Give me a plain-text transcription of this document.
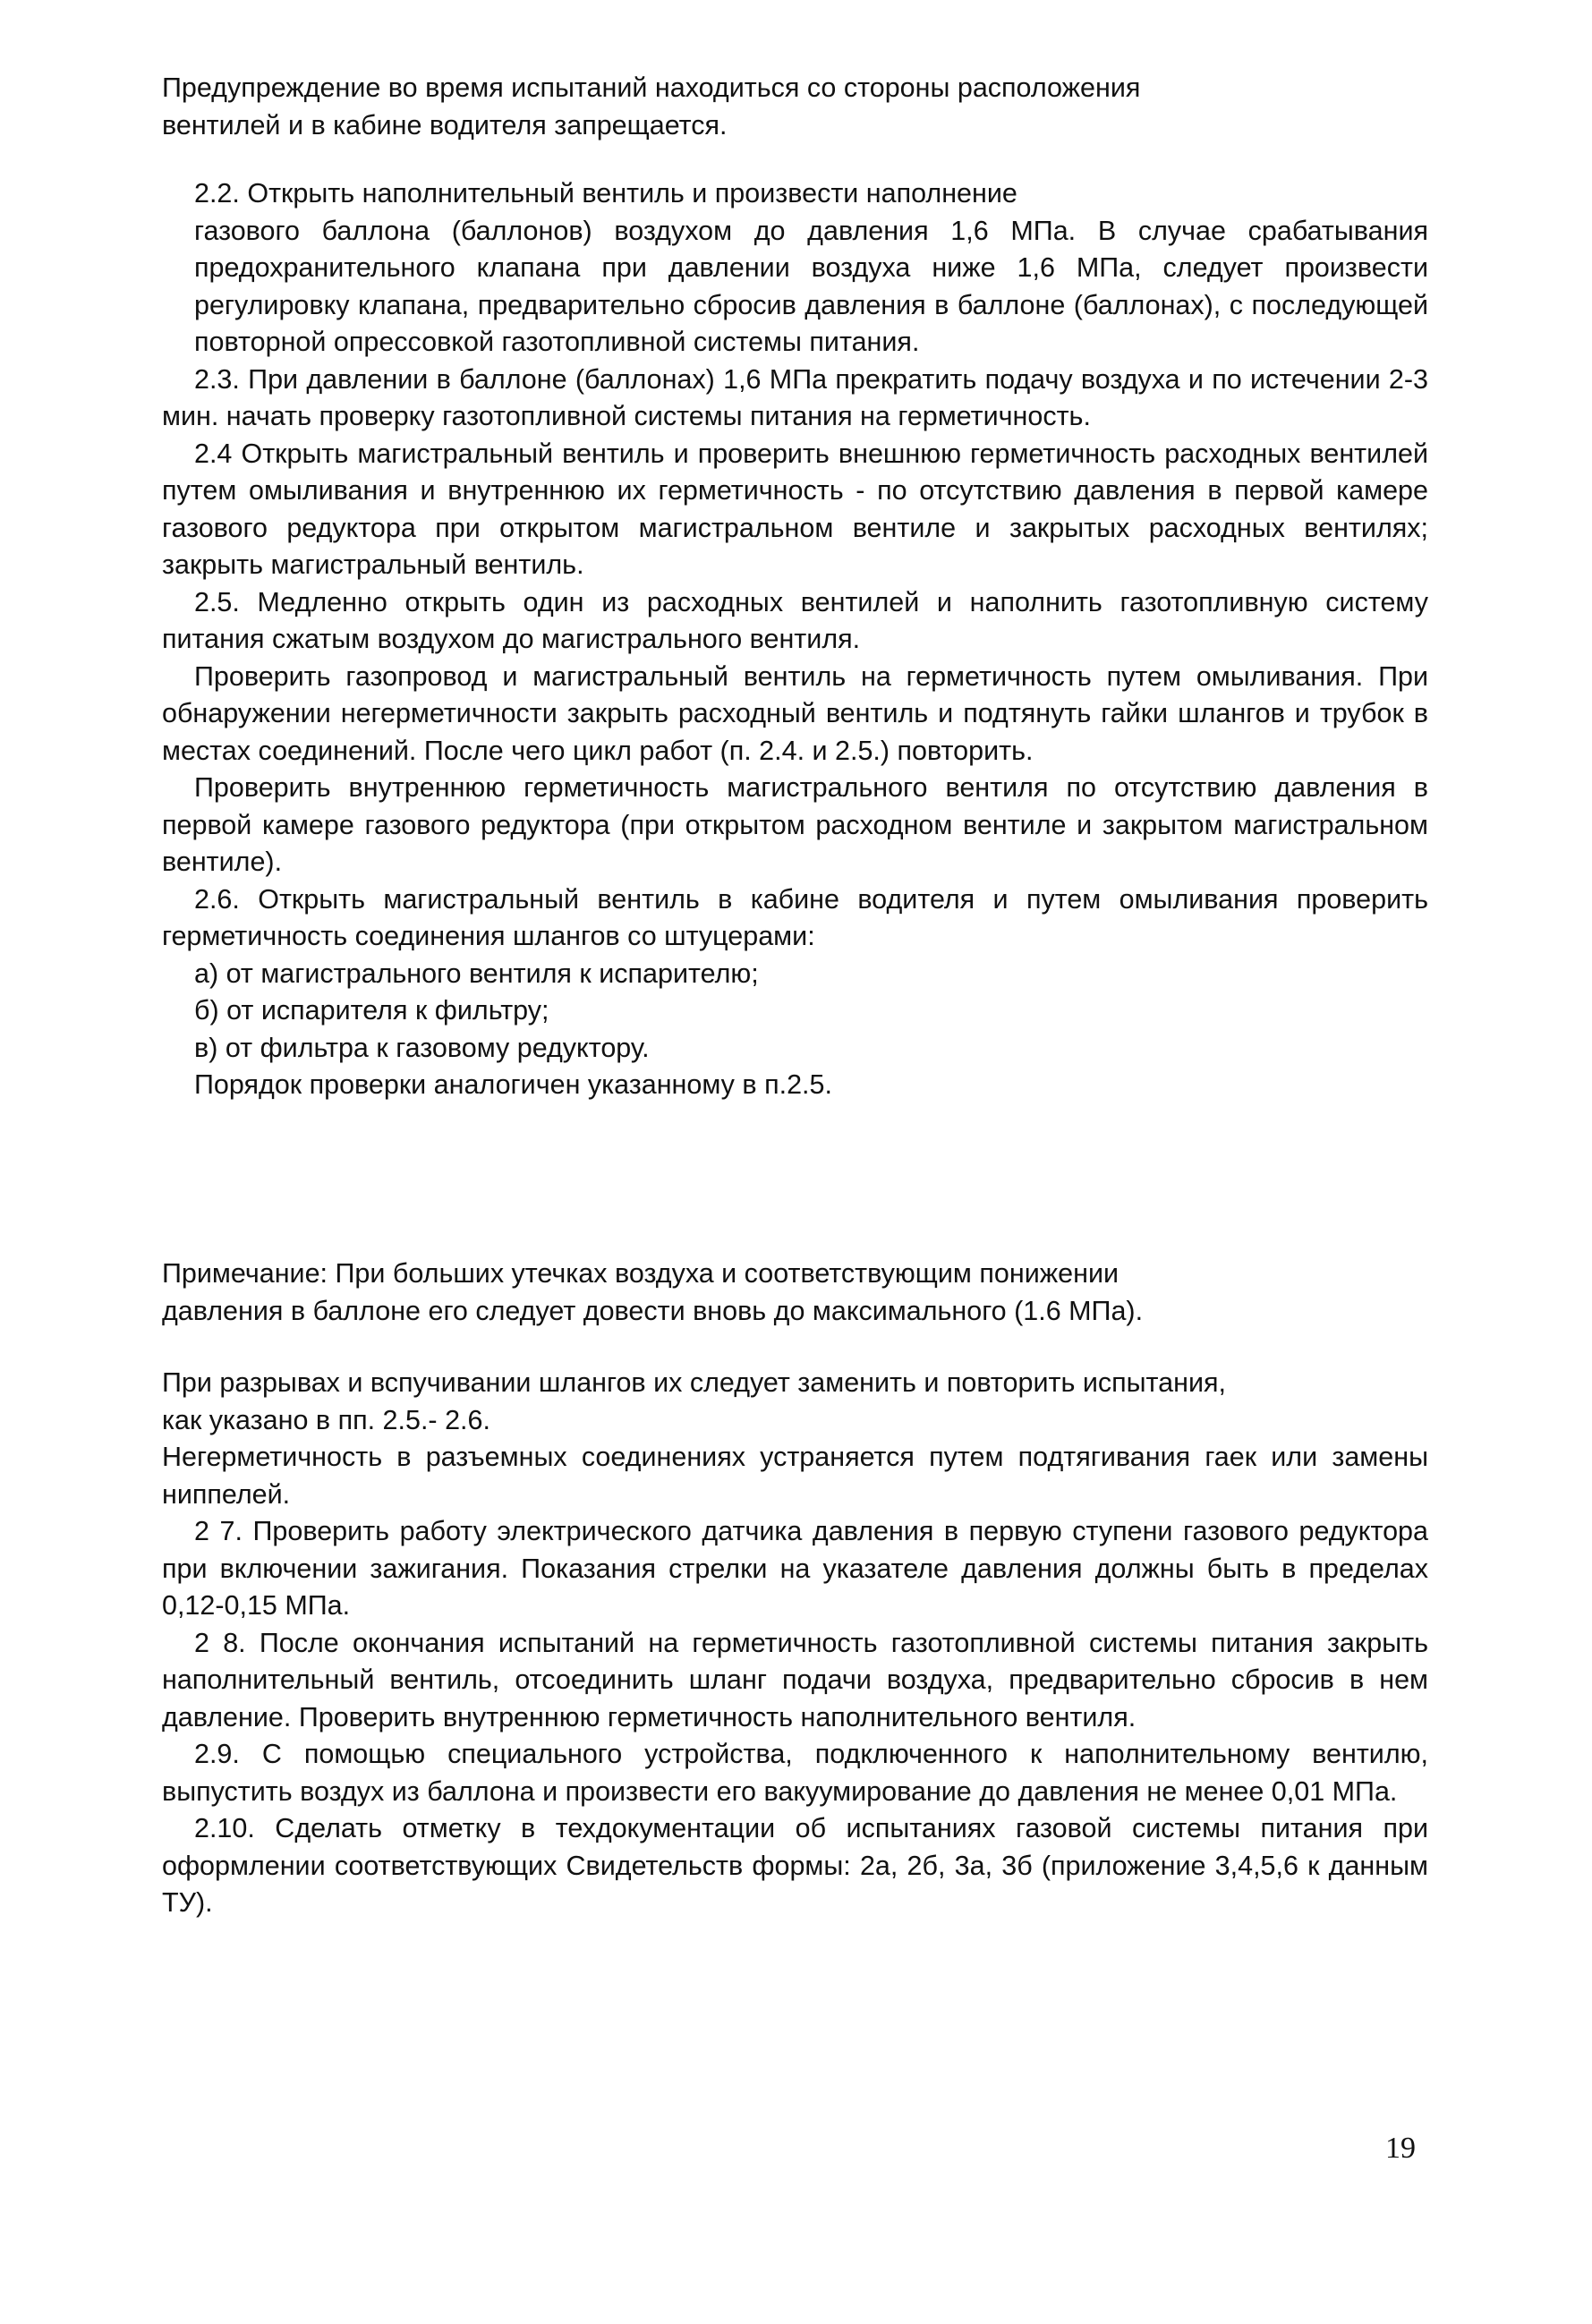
Предупреждение во время испытаний находиться со стороны расположения

вентилей и в кабине водителя запрещается.

2.2. Открыть наполнительный вентиль и произвести наполнение

газового баллона (баллонов) воздухом до давления 1,6 МПа. В случае срабатывания предохранительного клапана при давлении воздуха ниже 1,6 МПа, следует произвести регулировку клапана, предварительно сбросив давления в баллоне (баллонах), с последующей повторной опрессовкой газотопливной системы питания.

2.3. При давлении в баллоне (баллонах) 1,6 МПа прекратить подачу воздуха и по истечении 2-3 мин. начать проверку газотопливной системы питания на герметичность.

2.4 Открыть магистральный вентиль и проверить внешнюю герметичность расходных вентилей путем омыливания и внутреннюю их герметичность - по отсутствию давления в первой камере газового редуктора при открытом магистральном вентиле и закрытых расходных вентилях; закрыть магистральный вентиль.

2.5. Медленно открыть один из расходных вентилей и наполнить газотопливную систему питания сжатым воздухом до магистрального вентиля.

Проверить газопровод и магистральный вентиль на герметичность путем омыливания. При обнаружении негерметичности закрыть расходный вентиль и подтянуть гайки шлангов и трубок в местах соединений. После чего цикл работ (п. 2.4. и 2.5.) повторить.

Проверить внутреннюю герметичность магистрального вентиля по отсутствию давления в первой камере газового редуктора (при открытом расходном вентиле и закрытом магистральном вентиле).

2.6. Открыть магистральный вентиль в кабине водителя и путем омыливания проверить герметичность соединения шлангов со штуцерами:

а) от магистрального вентиля к испарителю;

б) от испарителя к фильтру;

в) от фильтра к газовому редуктору.

Порядок проверки аналогичен указанному в п.2.5.

Примечание: При больших утечках воздуха и соответствующим понижении

давления в баллоне его следует довести вновь до максимального (1.6 МПа).

При разрывах и вспучивании шлангов их следует заменить и повторить испытания,

как указано в пп. 2.5.- 2.6.

Негерметичность в разъемных соединениях устраняется путем подтягивания гаек или замены ниппелей.

2 7. Проверить работу электрического датчика давления в первую ступени газового редуктора при включении зажигания. Показания стрелки на указателе давления должны быть в пределах 0,12-0,15 МПа.

2 8. После окончания испытаний на герметичность газотопливной системы питания закрыть наполнительный вентиль, отсоединить шланг подачи воздуха, предварительно сбросив в нем давление. Проверить внутреннюю герметичность наполнительного вентиля.

2.9. С помощью специального устройства, подключенного к наполнительному вентилю, выпустить воздух из баллона и произвести его вакуумирование до давления не менее 0,01 МПа.

2.10. Сделать отметку в техдокументации об испытаниях газовой системы питания при оформлении соответствующих Свидетельств формы: 2а, 2б, 3а, 3б (приложение 3,4,5,6 к данным ТУ).

19
